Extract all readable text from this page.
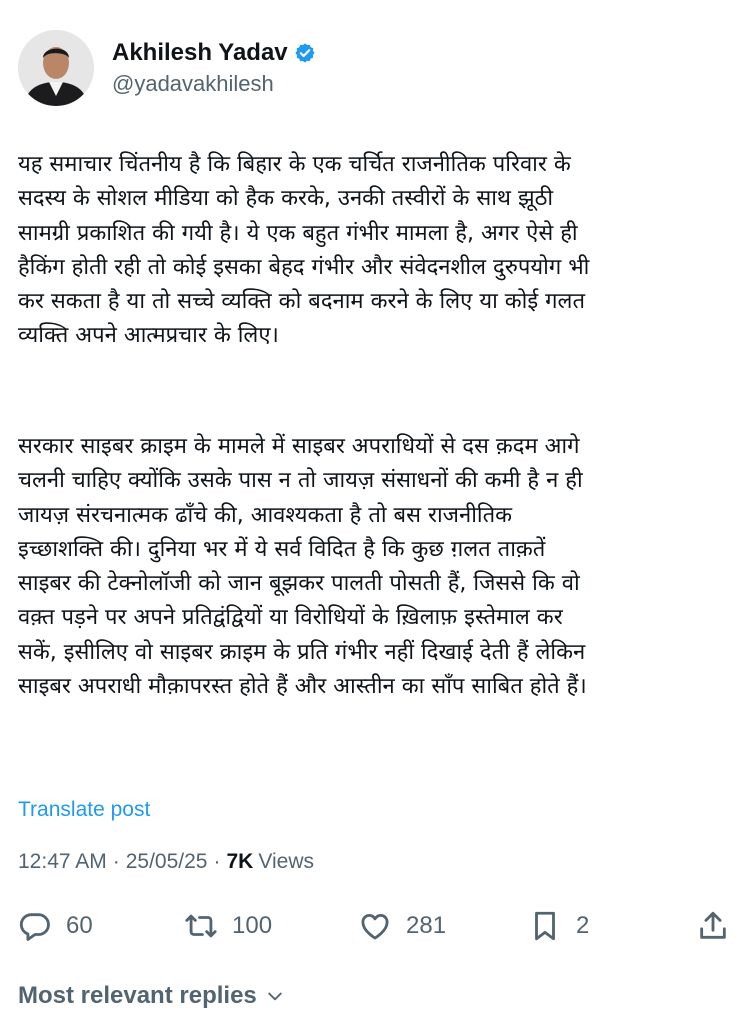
Akhilesh Yadav
@yadavakhilesh
यह समाचार चिंतनीय है कि बिहार के एक चर्चित राजनीतिक परिवार के
सदस्य के सोशल मीडिया को हैक करके, उनकी तस्वीरों के साथ झूठी
सामग्री प्रकाशित की गयी है। ये एक बहुत गंभीर मामला है, अगर ऐसे ही
हैकिंग होती रही तो कोई इसका बेहद गंभीर और संवेदनशील दुरुपयोग भी
कर सकता है या तो सच्चे व्यक्ति को बदनाम करने के लिए या कोई गलत
व्यक्ति अपने आत्मप्रचार के लिए।
सरकार साइबर क्राइम के मामले में साइबर अपराधियों से दस क़दम आगे
चलनी चाहिए क्योंकि उसके पास न तो जायज़ संसाधनों की कमी है न ही
जायज़ संरचनात्मक ढाँचे की, आवश्यकता है तो बस राजनीतिक
इच्छाशक्ति की। दुनिया भर में ये सर्व विदित है कि कुछ ग़लत ताक़तें
साइबर की टेक्नोलॉजी को जान बूझकर पालती पोसती हैं, जिससे कि वो
वक़्त पड़ने पर अपने प्रतिद्वंद्वियों या विरोधियों के ख़िलाफ़ इस्तेमाल कर
सकें, इसीलिए वो साइबर क्राइम के प्रति गंभीर नहीं दिखाई देती हैं लेकिन
साइबर अपराधी मौक़ापरस्त होते हैं और आस्तीन का साँप साबित होते हैं।
Translate post
12:47 AM · 25/05/25 · 7K Views
60	100	281	2
Most relevant replies
